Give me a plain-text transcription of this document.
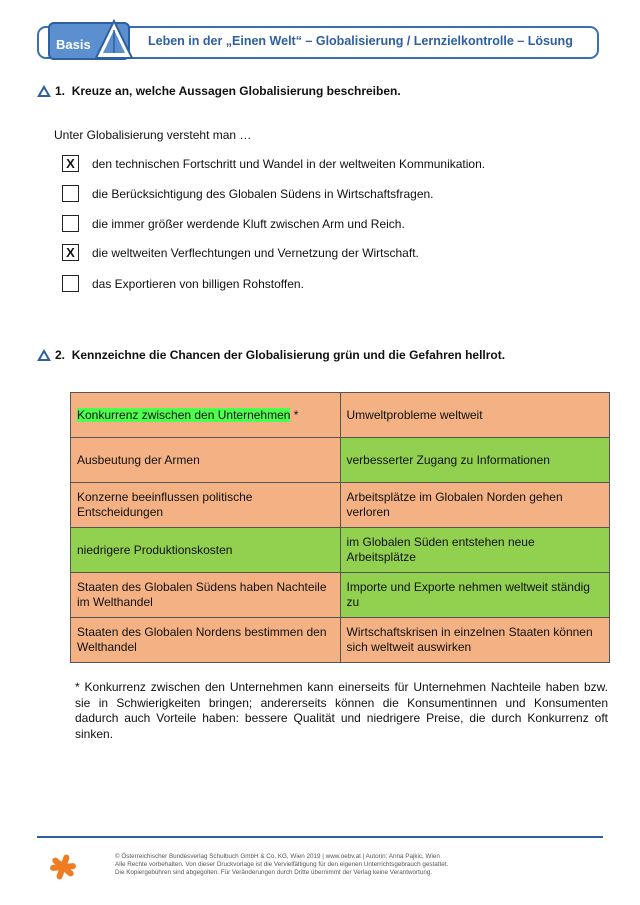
Basis	Leben in der „Einen Welt“ – Globalisierung / Lernzielkontrolle – Lösung
1. Kreuze an, welche Aussagen Globalisierung beschreiben.
Unter Globalisierung versteht man …
X	den technischen Fortschritt und Wandel in der weltweiten Kommunikation.
die Berücksichtigung des Globalen Südens in Wirtschaftsfragen.
die immer größer werdende Kluft zwischen Arm und Reich.
X	die weltweiten Verflechtungen und Vernetzung der Wirtschaft.
das Exportieren von billigen Rohstoffen.
2. Kennzeichne die Chancen der Globalisierung grün und die Gefahren hellrot.
Konkurrenz zwischen den Unternehmen *	Umweltprobleme weltweit
Ausbeutung der Armen	verbesserter Zugang zu Informationen
Konzerne beeinflussen politische Entscheidungen	Arbeitsplätze im Globalen Norden gehen verloren
niedrigere Produktionskosten	im Globalen Süden entstehen neue Arbeitsplätze
Staaten des Globalen Südens haben Nachteile im Welthandel	Importe und Exporte nehmen weltweit ständig zu
Staaten des Globalen Nordens bestimmen den Welthandel	Wirtschaftskrisen in einzelnen Staaten können sich weltweit auswirken
* Konkurrenz zwischen den Unternehmen kann einerseits für Unternehmen Nachteile haben bzw. sie in Schwierigkeiten bringen; andererseits können die Konsumentinnen und Konsumenten dadurch auch Vorteile haben: bessere Qualität und niedrigere Preise, die durch Konkurrenz oft sinken.
© Österreichischer Bundesverlag Schulbuch GmbH & Co. KG, Wien 2019 | www.oebv.at | Autorin: Anna Pajkic, Wien
Alle Rechte vorbehalten. Von dieser Druckvorlage ist die Vervielfältigung für den eigenen Unterrichtsgebrauch gestattet.
Die Kopiergebühren sind abgegolten. Für Veränderungen durch Dritte übernimmt der Verlag keine Verantwortung.
